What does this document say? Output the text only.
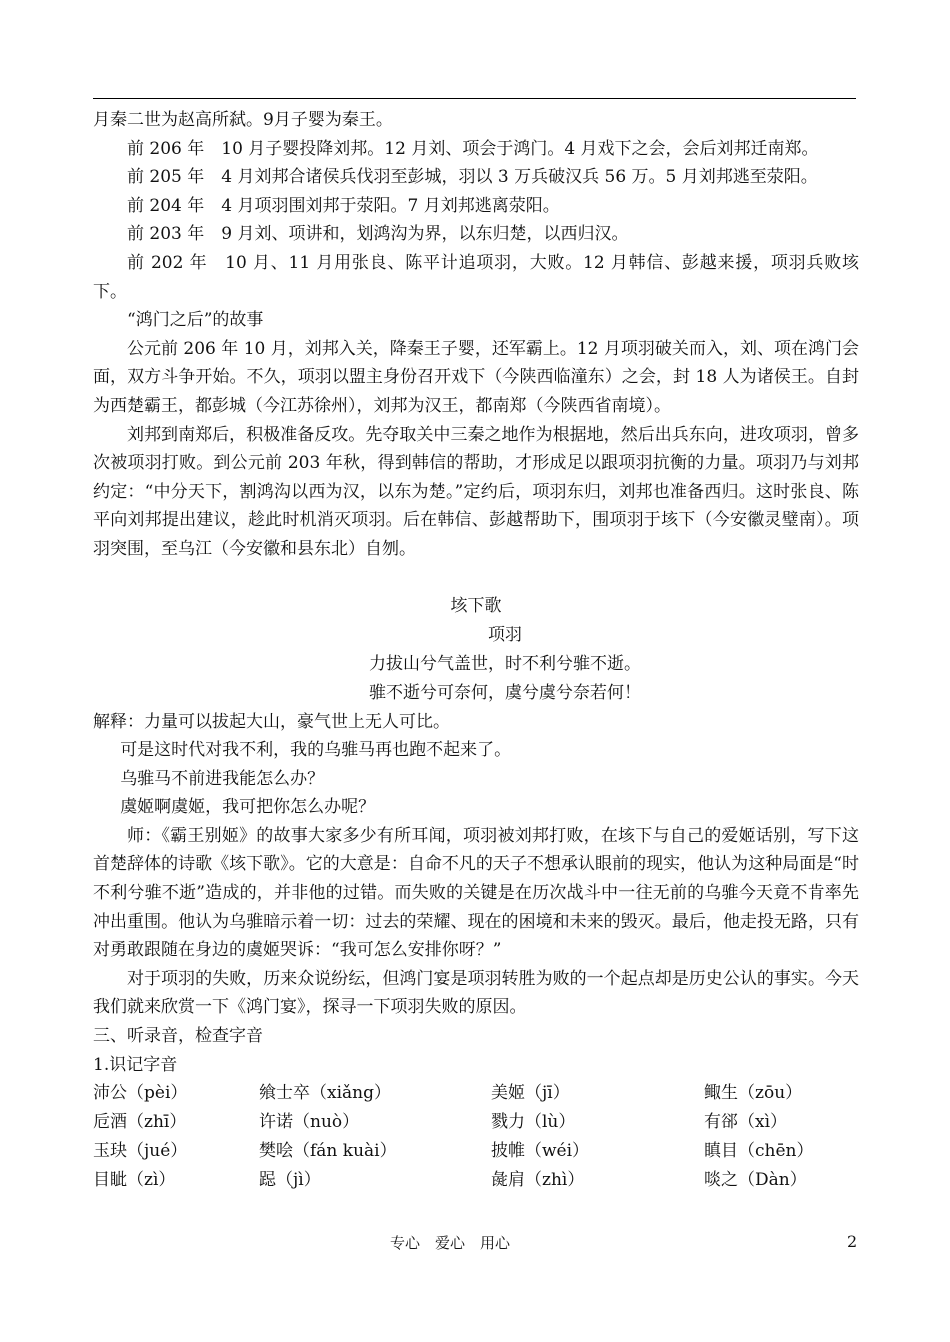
月秦二世为赵高所弑。9月子婴为秦王。

前 206 年　10 月子婴投降刘邦。12 月刘、项会于鸿门。4 月戏下之会，会后刘邦迁南郑。

前 205 年　4 月刘邦合诸侯兵伐羽至彭城，羽以 3 万兵破汉兵 56 万。5 月刘邦逃至荥阳。

前 204 年　4 月项羽围刘邦于荥阳。7 月刘邦逃离荥阳。

前 203 年　9 月刘、项讲和，划鸿沟为界，以东归楚，以西归汉。

前 202 年　10 月、11 月用张良、陈平计追项羽，大败。12 月韩信、彭越来援，项羽兵败垓下。

“鸿门之后”的故事

公元前 206 年 10 月，刘邦入关，降秦王子婴，还军霸上。12 月项羽破关而入，刘、项在鸿门会面，双方斗争开始。不久，项羽以盟主身份召开戏下（今陕西临潼东）之会，封 18 人为诸侯王。自封为西楚霸王，都彭城（今江苏徐州），刘邦为汉王，都南郑（今陕西省南境）。

刘邦到南郑后，积极准备反攻。先夺取关中三秦之地作为根据地，然后出兵东向，进攻项羽，曾多次被项羽打败。到公元前 203 年秋，得到韩信的帮助，才形成足以跟项羽抗衡的力量。项羽乃与刘邦约定：“中分天下，割鸿沟以西为汉，以东为楚。”定约后，项羽东归，刘邦也准备西归。这时张良、陈平向刘邦提出建议，趁此时机消灭项羽。后在韩信、彭越帮助下，围项羽于垓下（今安徽灵璧南）。项羽突围，至乌江（今安徽和县东北）自刎。

垓下歌

项羽

力拔山兮气盖世，时不利兮骓不逝。

骓不逝兮可奈何，虞兮虞兮奈若何！

解释：力量可以拔起大山，豪气世上无人可比。

可是这时代对我不利，我的乌骓马再也跑不起来了。

乌骓马不前进我能怎么办？

虞姬啊虞姬，我可把你怎么办呢？

师：《霸王别姬》的故事大家多少有所耳闻，项羽被刘邦打败，在垓下与自己的爱姬话别，写下这首楚辞体的诗歌《垓下歌》。它的大意是：自命不凡的天子不想承认眼前的现实，他认为这种局面是“时不利兮骓不逝”造成的，并非他的过错。而失败的关键是在历次战斗中一往无前的乌骓今天竟不肯率先冲出重围。他认为乌骓暗示着一切：过去的荣耀、现在的困境和未来的毁灭。最后，他走投无路，只有对勇敢跟随在身边的虞姬哭诉：“我可怎么安排你呀？”

对于项羽的失败，历来众说纷纭，但鸿门宴是项羽转胜为败的一个起点却是历史公认的事实。今天我们就来欣赏一下《鸿门宴》，探寻一下项羽失败的原因。

三、听录音，检查字音

1.识记字音

沛公（pèi）	飨士卒（xiǎng）	美姬（jī）	鲰生（zōu）
卮酒（zhī）	许诺（nuò）	戮力（lù）	有郤（xì）
玉玦（jué）	樊哙（fán kuài）	披帷（wéi）	瞋目（chēn）
目眦（zì）	跽（jì）	彘肩（zhì）	啖之（Dàn）
专心　爱心　用心	2
